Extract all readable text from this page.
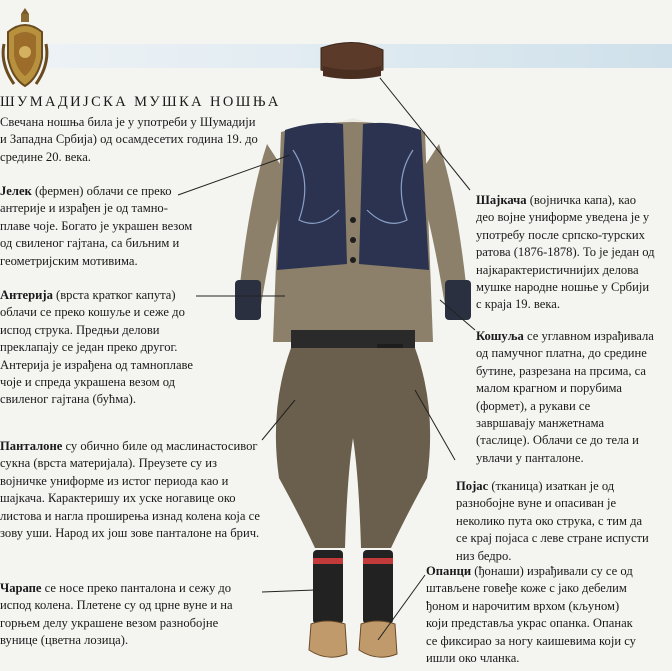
ШУМАДИЈСКА МУШКА НОШЊА
Свечана ношња била је у употреби у Шумадији
и Западна Србија) од осамдесетих година 19. до
средине 20. века.
Јелек (фермен) облачи се преко
антерије и израђен је од тамно-
плаве чоје. Богато је украшен везом
од свиленог гајтана, са биљним и
геометријским мотивима.
Антерија (врста кратког капута)
облачи се преко кошуље и сеже до
испод струка. Предњи делови
преклапају се један преко другог.
Антерија је израђена од тамноплаве
чоје и спреда украшена везом од
свиленог гајтана (бућма).
Панталоне су обично биле од маслинастосивог
сукна (врста материјала). Преузете су из
војничке униформе из истог периода као и
шајкача. Карактеришу их уске ногавице око
листова и нагла проширења изнад колена која се
зову уши. Народ их још зове панталоне на брич.
Чарапе се носе преко панталона и сежу до
испод колена. Плетене су од црне вуне и на
горњем делу украшене везом разнобојне
вунице (цветна лозица).
Шајкача (војничка капа), као
део војне униформе уведена је у
употребу после српско-турских
ратова (1876-1878). То је један од
најкарактеристичнијих делова
мушке народне ношње у Србији
с краја 19. века.
Кошуља се углавном израђивала
од памучног платна, до средине
бутине, разрезана на прсима, са
малом крагном и порубима
(формет), а рукави се
завршавају манжетнама
(таслице). Облачи се до тела и
увлачи у панталоне.
Појас (тканица) изаткан је од
разнобојне вуне и опасиван је
неколико пута око струка, с тим да
се крај појаса с леве стране испусти
низ бедро.
Опанци (ђонаши) израђивали су се од
штављене говеђе коже с јако дебелим
ђоном и нарочитим врхом (кљуном)
који представља украс опанка. Опанак
се фиксирао за ногу каишевима који су
ишли око чланка.
